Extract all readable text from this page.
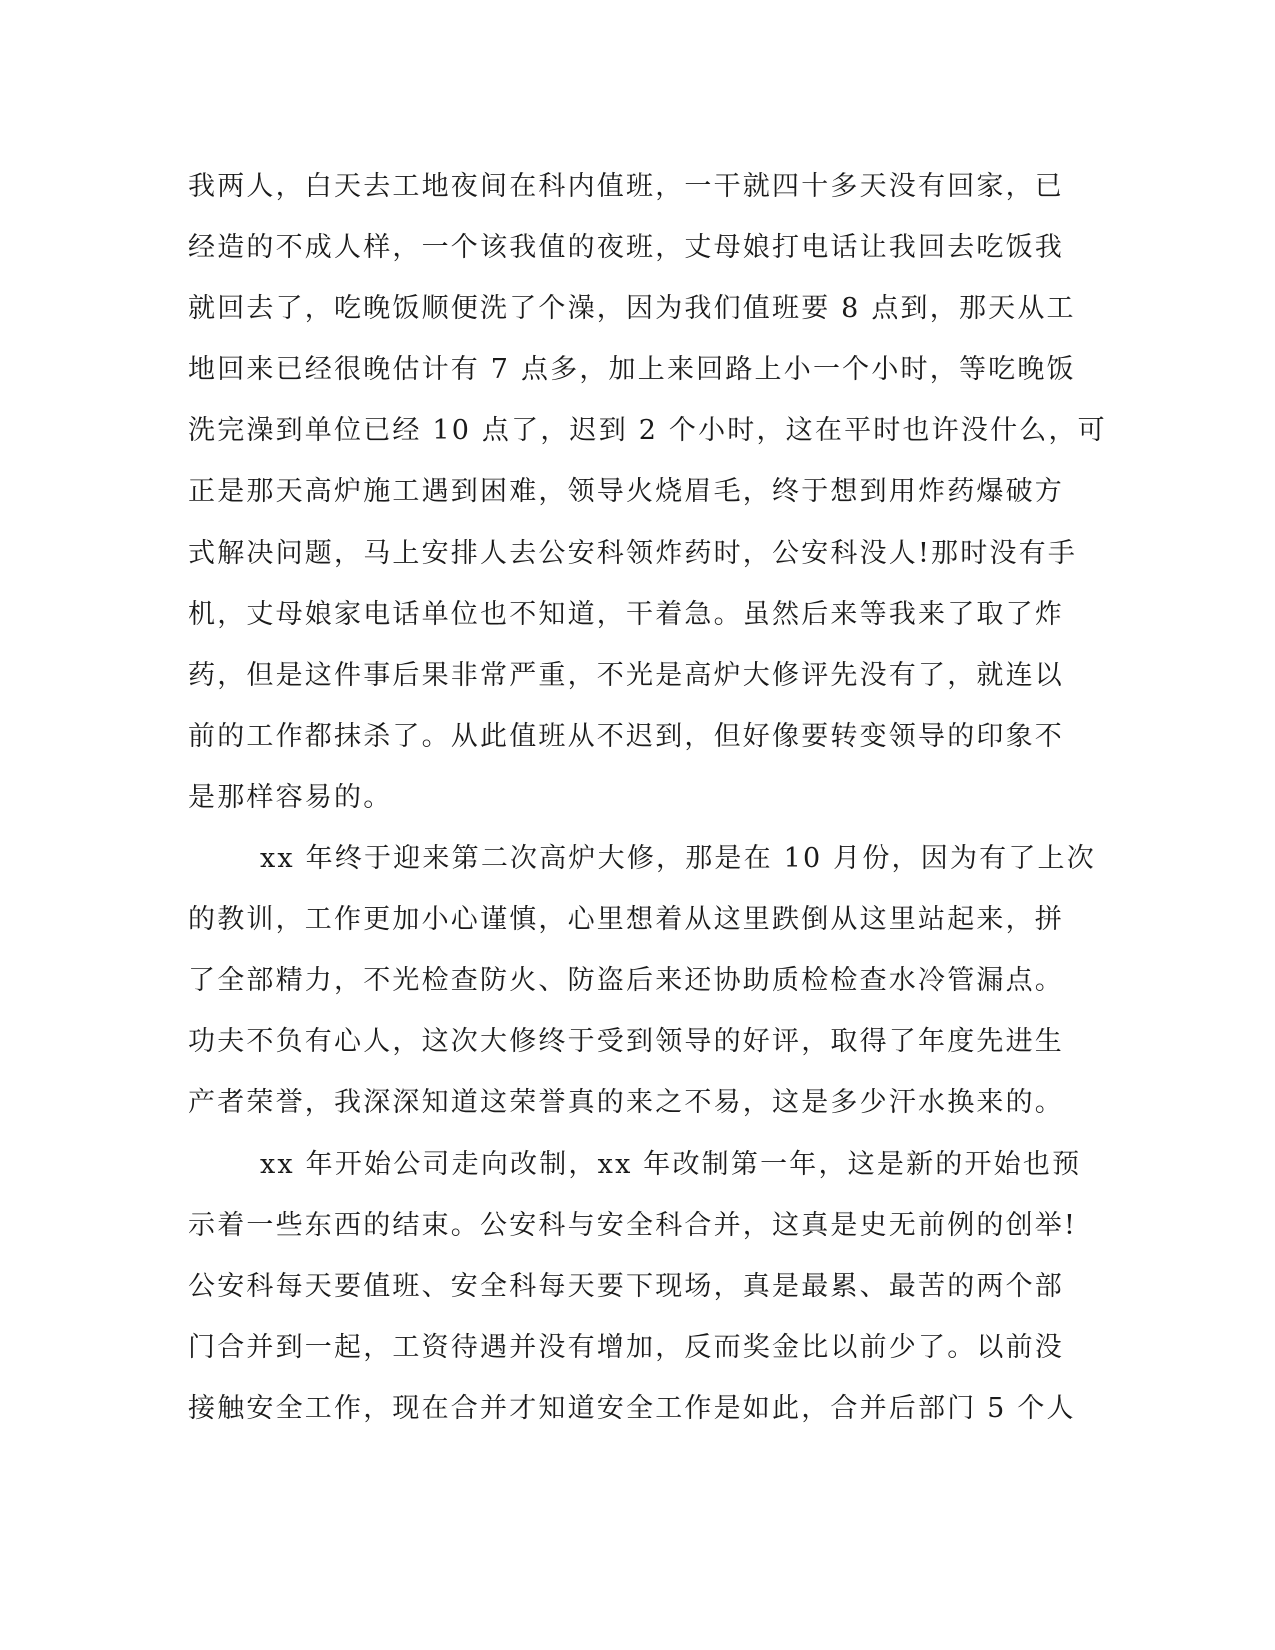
我两人，白天去工地夜间在科内值班，一干就四十多天没有回家，已
经造的不成人样，一个该我值的夜班，丈母娘打电话让我回去吃饭我
就回去了，吃晚饭顺便洗了个澡，因为我们值班要 8 点到，那天从工
地回来已经很晚估计有 7 点多，加上来回路上小一个小时，等吃晚饭
洗完澡到单位已经 10 点了，迟到 2 个小时，这在平时也许没什么，可
正是那天高炉施工遇到困难，领导火烧眉毛，终于想到用炸药爆破方
式解决问题，马上安排人去公安科领炸药时，公安科没人!那时没有手
机，丈母娘家电话单位也不知道，干着急。虽然后来等我来了取了炸
药，但是这件事后果非常严重，不光是高炉大修评先没有了，就连以
前的工作都抹杀了。从此值班从不迟到，但好像要转变领导的印象不
是那样容易的。
xx 年终于迎来第二次高炉大修，那是在 10 月份，因为有了上次
的教训，工作更加小心谨慎，心里想着从这里跌倒从这里站起来，拼
了全部精力，不光检查防火、防盗后来还协助质检检查水冷管漏点。
功夫不负有心人，这次大修终于受到领导的好评，取得了年度先进生
产者荣誉，我深深知道这荣誉真的来之不易，这是多少汗水换来的。
xx 年开始公司走向改制，xx 年改制第一年，这是新的开始也预
示着一些东西的结束。公安科与安全科合并，这真是史无前例的创举!
公安科每天要值班、安全科每天要下现场，真是最累、最苦的两个部
门合并到一起，工资待遇并没有增加，反而奖金比以前少了。以前没
接触安全工作，现在合并才知道安全工作是如此，合并后部门 5 个人
